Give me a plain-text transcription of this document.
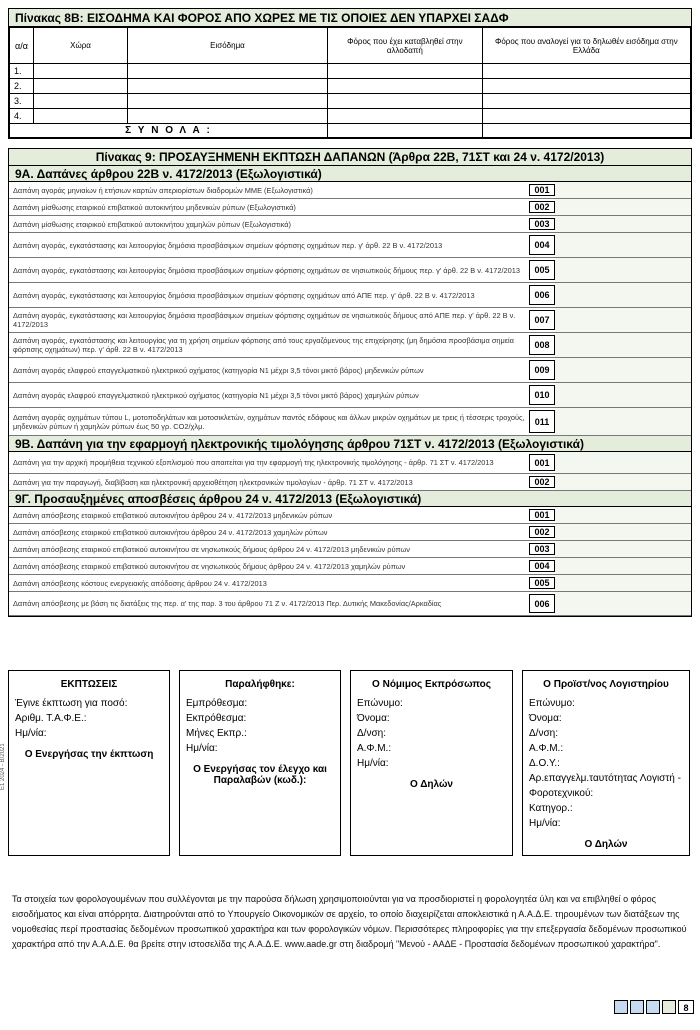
Πίνακας 8Β: ΕΙΣΟΔΗΜΑ ΚΑΙ ΦΟΡΟΣ ΑΠΟ ΧΩΡΕΣ ΜΕ ΤΙΣ ΟΠΟΙΕΣ ΔΕΝ ΥΠΑΡΧΕΙ ΣΑΔΦ
α/α	Χώρα	Εισόδημα	Φόρος που έχει καταβληθεί στην αλλοδαπή	Φόρος που αναλογεί για το δηλωθέν εισόδημα στην Ελλάδα
1.				
2.				
3.				
4.				
Σ Υ Ν Ο Λ Α :				
Πίνακας 9: ΠΡΟΣΑΥΞΗΜΕΝΗ ΕΚΠΤΩΣΗ ΔΑΠΑΝΩΝ (Άρθρα 22Β, 71ΣΤ και 24 ν. 4172/2013)
9Α. Δαπάνες άρθρου 22Β ν. 4172/2013 (Εξωλογιστικά)
Δαπάνη αγοράς μηνιαίων ή ετήσιων καρτών απεριορίστων διαδρομών ΜΜΕ (Εξωλογιστικά)	001
Δαπάνη μίσθωσης εταιρικού επιβατικού αυτοκινήτου μηδενικών ρύπων (Εξωλογιστικά)	002
Δαπάνη μίσθωσης εταιρικού επιβατικού αυτοκινήτου χαμηλών ρύπων (Εξωλογιστικά)	003
Δαπάνη αγοράς, εγκατάστασης και λειτουργίας δημόσια προσβάσιμων σημείων φόρτισης οχημάτων περ. γ' άρθ. 22 Β ν. 4172/2013	004
Δαπάνη αγοράς, εγκατάστασης και λειτουργίας δημόσια προσβάσιμων σημείων φόρτισης οχημάτων σε νησιωτικούς δήμους περ. γ' άρθ. 22 Β ν. 4172/2013	005
Δαπάνη αγοράς, εγκατάστασης και λειτουργίας δημόσια προσβάσιμων σημείων φόρτισης οχημάτων από ΑΠΕ περ. γ' άρθ. 22 Β ν. 4172/2013	006
Δαπάνη αγοράς, εγκατάστασης και λειτουργίας δημόσια προσβάσιμων σημείων φόρτισης οχημάτων σε νησιωτικούς δήμους από ΑΠΕ περ. γ' άρθ. 22 Β ν. 4172/2013	007
Δαπάνη αγοράς, εγκατάστασης και λειτουργίας για τη χρήση σημείων φόρτισης από τους εργαζόμενους της επιχείρησης (μη δημόσια προσβάσιμα σημεία φόρτισης οχημάτων) περ. γ' άρθ. 22 Β ν. 4172/2013	008
Δαπάνη αγοράς ελαφρού επαγγελματικού ηλεκτρικού οχήματος (κατηγορία Ν1 μέχρι 3,5 τόνοι μικτό βάρος) μηδενικών ρύπων	009
Δαπάνη αγοράς ελαφρού επαγγελματικού ηλεκτρικού οχήματος (κατηγορία Ν1 μέχρι 3,5 τόνοι μικτό βάρος) χαμηλών ρύπων	010
Δαπάνη αγοράς οχημάτων τύπου L, μοτοποδηλάτων και μοτοσικλετών, οχημάτων παντός εδάφους και άλλων μικρών οχημάτων με τρεις ή τέσσερις τροχούς, μηδενικών ρύπων ή χαμηλών ρύπων έως 50 γρ. CO2/χλμ.	011
9Β. Δαπάνη για την εφαρμογή ηλεκτρονικής τιμολόγησης άρθρου 71ΣΤ ν. 4172/2013 (Εξωλογιστικά)
Δαπάνη για την αρχική προμήθεια τεχνικού εξοπλισμού που απαιτείται για την εφαρμογή της ηλεκτρονικής τιμολόγησης - άρθρ. 71 ΣΤ ν. 4172/2013	001
Δαπάνη για την παραγωγή, διαβίβαση και ηλεκτρονική αρχειοθέτηση ηλεκτρονικών τιμολογίων - άρθρ. 71 ΣΤ ν. 4172/2013	002
9Γ. Προσαυξημένες αποσβέσεις άρθρου 24 ν. 4172/2013 (Εξωλογιστικά)
Δαπάνη απόσβεσης εταιρικού επιβατικού αυτοκινήτου άρθρου 24 ν. 4172/2013 μηδενικών ρύπων	001
Δαπάνη απόσβεσης εταιρικού επιβατικού αυτοκινήτου άρθρου 24 ν. 4172/2013 χαμηλών ρύπων	002
Δαπάνη απόσβεσης εταιρικού επιβατικού αυτοκινήτου σε νησιωτικούς δήμους άρθρου 24 ν. 4172/2013 μηδενικών ρύπων	003
Δαπάνη απόσβεσης εταιρικού επιβατικού αυτοκινήτου σε νησιωτικούς δήμους άρθρου 24 ν. 4172/2013 χαμηλών ρύπων	004
Δαπάνη απόσβεσης κόστους ενεργειακής απόδοσης άρθρου 24 ν. 4172/2013	005
Δαπάνη απόσβεσης με βάση τις διατάξεις της περ. α' της παρ. 3 του άρθρου 71 Ζ ν. 4172/2013 Περ. Δυτικής Μακεδονίας/Αρκαδίας	006
ΕΚΠΤΩΣΕΙΣ
Έγινε έκπτωση για ποσό:
Αριθμ. Τ.Α.Φ.Ε.:
Ημ/νία:
Ο Ενεργήσας την έκπτωση
Παραλήφθηκε:
Εμπρόθεσμα:
Εκπρόθεσμα:
Μήνες Εκπρ.:
Ημ/νία:
Ο Ενεργήσας τον έλεγχο και Παραλαβών (κωδ.):
Ο Νόμιμος Εκπρόσωπος
Επώνυμο:
Όνομα:
Δ/νση:
Α.Φ.Μ.:
Ημ/νία:
Ο Δηλών
Ο Προϊστ/νος Λογιστηρίου
Επώνυμο:
Όνομα:
Δ/νση:
Α.Φ.Μ.:
Δ.Ο.Υ.:
Αρ.επαγγελμ.ταυτότητας Λογιστή - Φοροτεχνικού:
Κατηγορ.:
Ημ/νία:
Ο Δηλών
Ε1 2024 - Β/2021
Τα στοιχεία των φορολογουμένων που συλλέγονται με την παρούσα δήλωση χρησιμοποιούνται για να προσδιοριστεί η φορολογητέα ύλη και να επιβληθεί ο φόρος εισοδήματος και είναι απόρρητα. Διατηρούνται από το Υπουργείο Οικονομικών σε αρχείο, το οποίο διαχειρίζεται αποκλειστικά η Α.Α.Δ.Ε. τηρουμένων των διατάξεων της νομοθεσίας περί προστασίας δεδομένων προσωπικού χαρακτήρα και των φορολογικών νόμων. Περισσότερες πληροφορίες για την επεξεργασία δεδομένων προσωπικού χαρακτήρα από την Α.Α.Δ.Ε. θα βρείτε στην ιστοσελίδα της Α.Α.Δ.Ε. www.aade.gr στη διαδρομή "Μενού - ΑΑΔΕ - Προστασία δεδομένων προσωπικού χαρακτήρα".
8
